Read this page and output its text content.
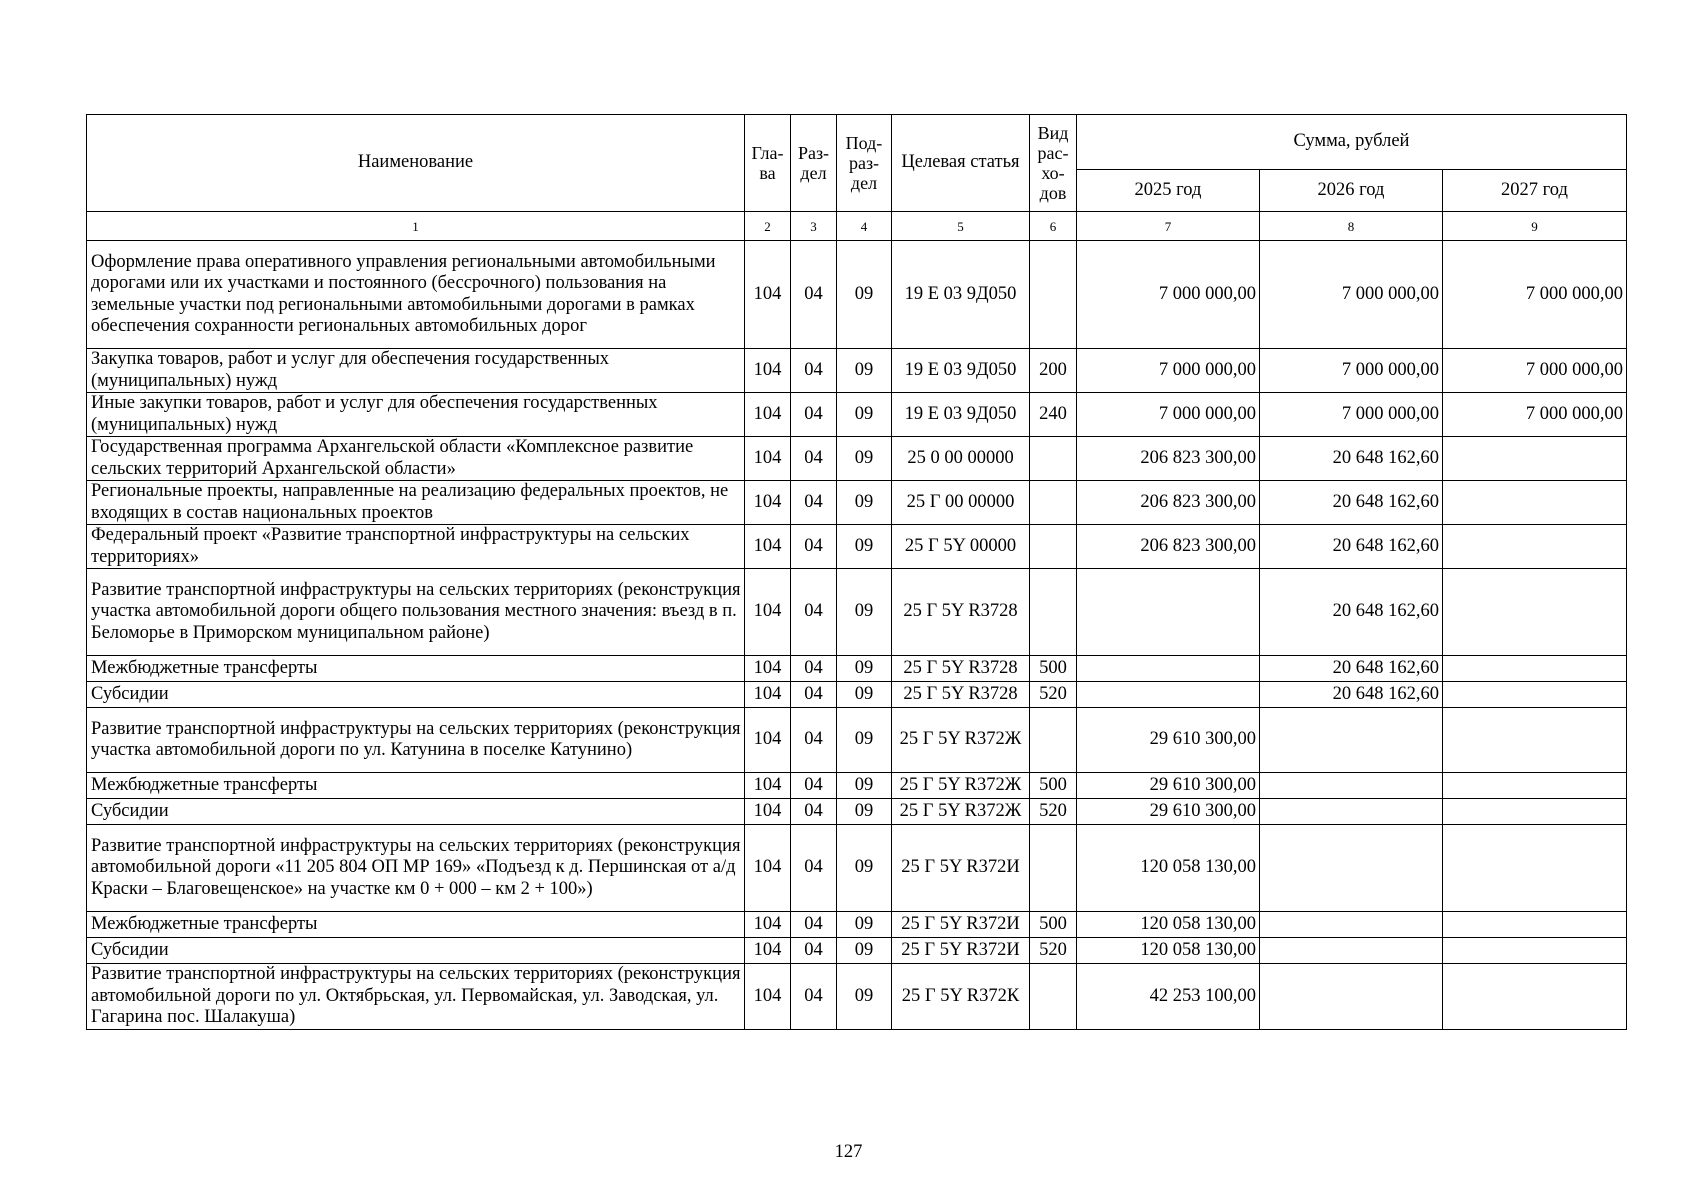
Наименование	Гла- ва	Раз- дел	Под- раз- дел	Целевая статья	Вид рас- хо- дов	Сумма, рублей		
						2025 год	2026 год	2027 год
1	2	3	4	5	6	7	8	9
Оформление права оперативного управления региональными автомобильными дорогами или их участками и постоянного (бессрочного) пользования на земельные участки под региональными автомобильными дорогами в рамках обеспечения сохранности региональных автомобильных дорог	104	04	09	19 Е 03 9Д050		7 000 000,00	7 000 000,00	7 000 000,00
Закупка товаров, работ и услуг для обеспечения государственных (муниципальных) нужд	104	04	09	19 Е 03 9Д050	200	7 000 000,00	7 000 000,00	7 000 000,00
Иные закупки товаров, работ и услуг для обеспечения государственных (муниципальных) нужд	104	04	09	19 Е 03 9Д050	240	7 000 000,00	7 000 000,00	7 000 000,00
Государственная программа Архангельской области «Комплексное развитие сельских территорий Архангельской области»	104	04	09	25 0 00 00000		206 823 300,00	20 648 162,60	
Региональные проекты, направленные на реализацию федеральных проектов, не входящих в состав национальных проектов	104	04	09	25 Г 00 00000		206 823 300,00	20 648 162,60	
Федеральный проект «Развитие транспортной инфраструктуры на сельских территориях»	104	04	09	25 Г 5Y 00000		206 823 300,00	20 648 162,60	
Развитие транспортной инфраструктуры на сельских территориях (реконструкция участка автомобильной дороги общего пользования местного значения: въезд в п. Беломорье в Приморском муниципальном районе)	104	04	09	25 Г 5Y R3728			20 648 162,60	
Межбюджетные трансферты	104	04	09	25 Г 5Y R3728	500		20 648 162,60	
Субсидии	104	04	09	25 Г 5Y R3728	520		20 648 162,60	
Развитие транспортной инфраструктуры на сельских территориях (реконструкция участка автомобильной дороги по ул. Катунина в поселке Катунино)	104	04	09	25 Г 5Y R372Ж		29 610 300,00		
Межбюджетные трансферты	104	04	09	25 Г 5Y R372Ж	500	29 610 300,00		
Субсидии	104	04	09	25 Г 5Y R372Ж	520	29 610 300,00		
Развитие транспортной инфраструктуры на сельских территориях (реконструкция автомобильной дороги «11 205 804 ОП МР 169» «Подъезд к д. Першинская от а/д Краски – Благовещенское» на участке км 0 + 000 – км 2 + 100»)	104	04	09	25 Г 5Y R372И		120 058 130,00		
Межбюджетные трансферты	104	04	09	25 Г 5Y R372И	500	120 058 130,00		
Субсидии	104	04	09	25 Г 5Y R372И	520	120 058 130,00		
Развитие транспортной инфраструктуры на сельских территориях (реконструкция автомобильной дороги по ул. Октябрьская, ул. Первомайская, ул. Заводская, ул. Гагарина пос. Шалакуша)	104	04	09	25 Г 5Y R372К		42 253 100,00		
127
